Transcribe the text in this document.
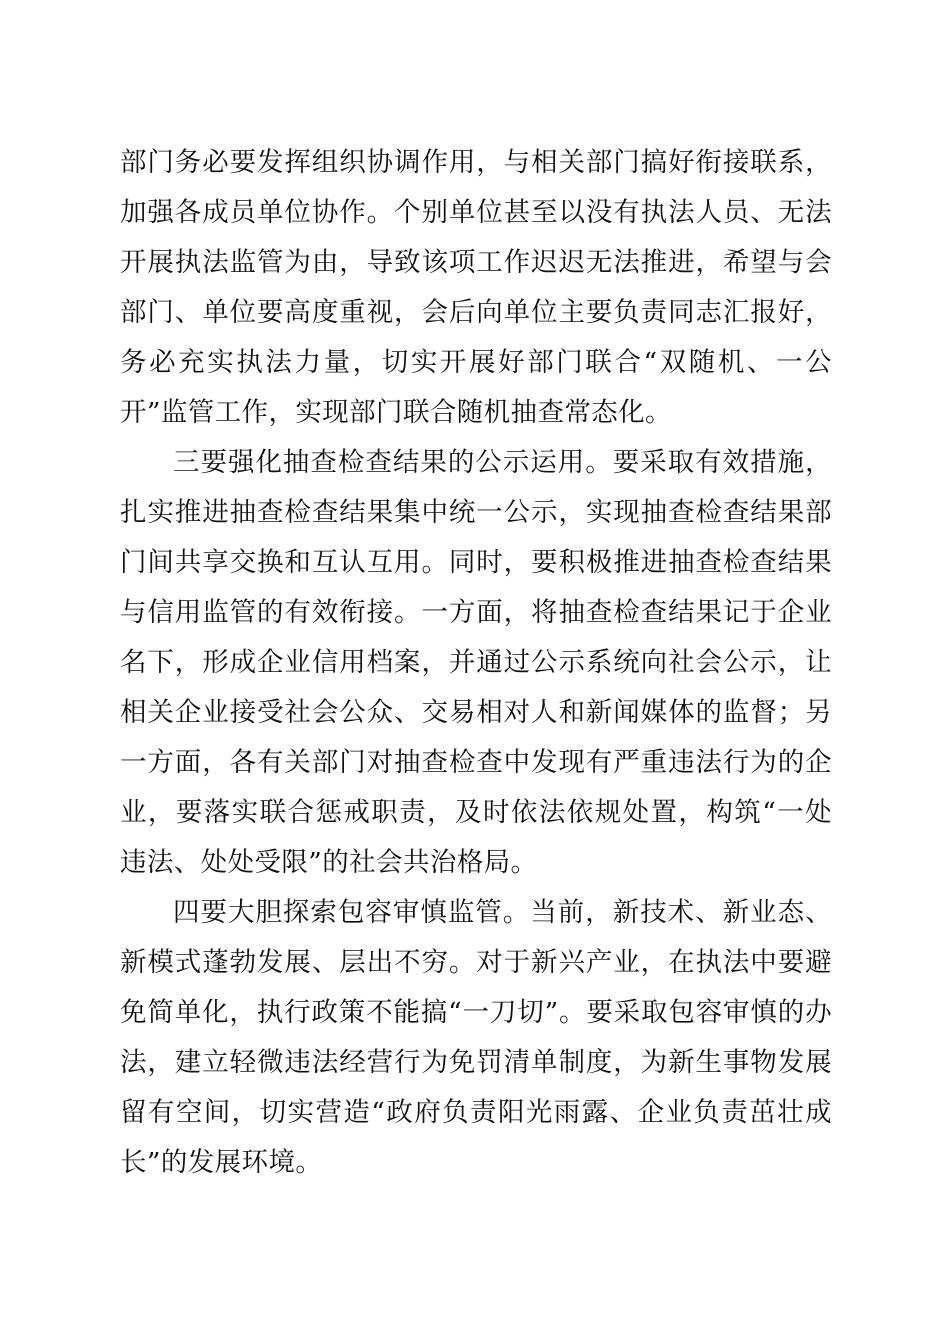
部门务必要发挥组织协调作用，与相关部门搞好衔接联系，加强各成员单位协作。个别单位甚至以没有执法人员、无法开展执法监管为由，导致该项工作迟迟无法推进，希望与会部门、单位要高度重视，会后向单位主要负责同志汇报好，务必充实执法力量，切实开展好部门联合“双随机、一公开”监管工作，实现部门联合随机抽查常态化。

三要强化抽查检查结果的公示运用。要采取有效措施，扎实推进抽查检查结果集中统一公示，实现抽查检查结果部门间共享交换和互认互用。同时，要积极推进抽查检查结果与信用监管的有效衔接。一方面，将抽查检查结果记于企业名下，形成企业信用档案，并通过公示系统向社会公示，让相关企业接受社会公众、交易相对人和新闻媒体的监督；另一方面，各有关部门对抽查检查中发现有严重违法行为的企业，要落实联合惩戒职责，及时依法依规处置，构筑“一处违法、处处受限”的社会共治格局。

四要大胆探索包容审慎监管。当前，新技术、新业态、新模式蓬勃发展、层出不穷。对于新兴产业，在执法中要避免简单化，执行政策不能搞“一刀切”。要采取包容审慎的办法，建立轻微违法经营行为免罚清单制度，为新生事物发展留有空间，切实营造“政府负责阳光雨露、企业负责茁壮成长”的发展环境。
